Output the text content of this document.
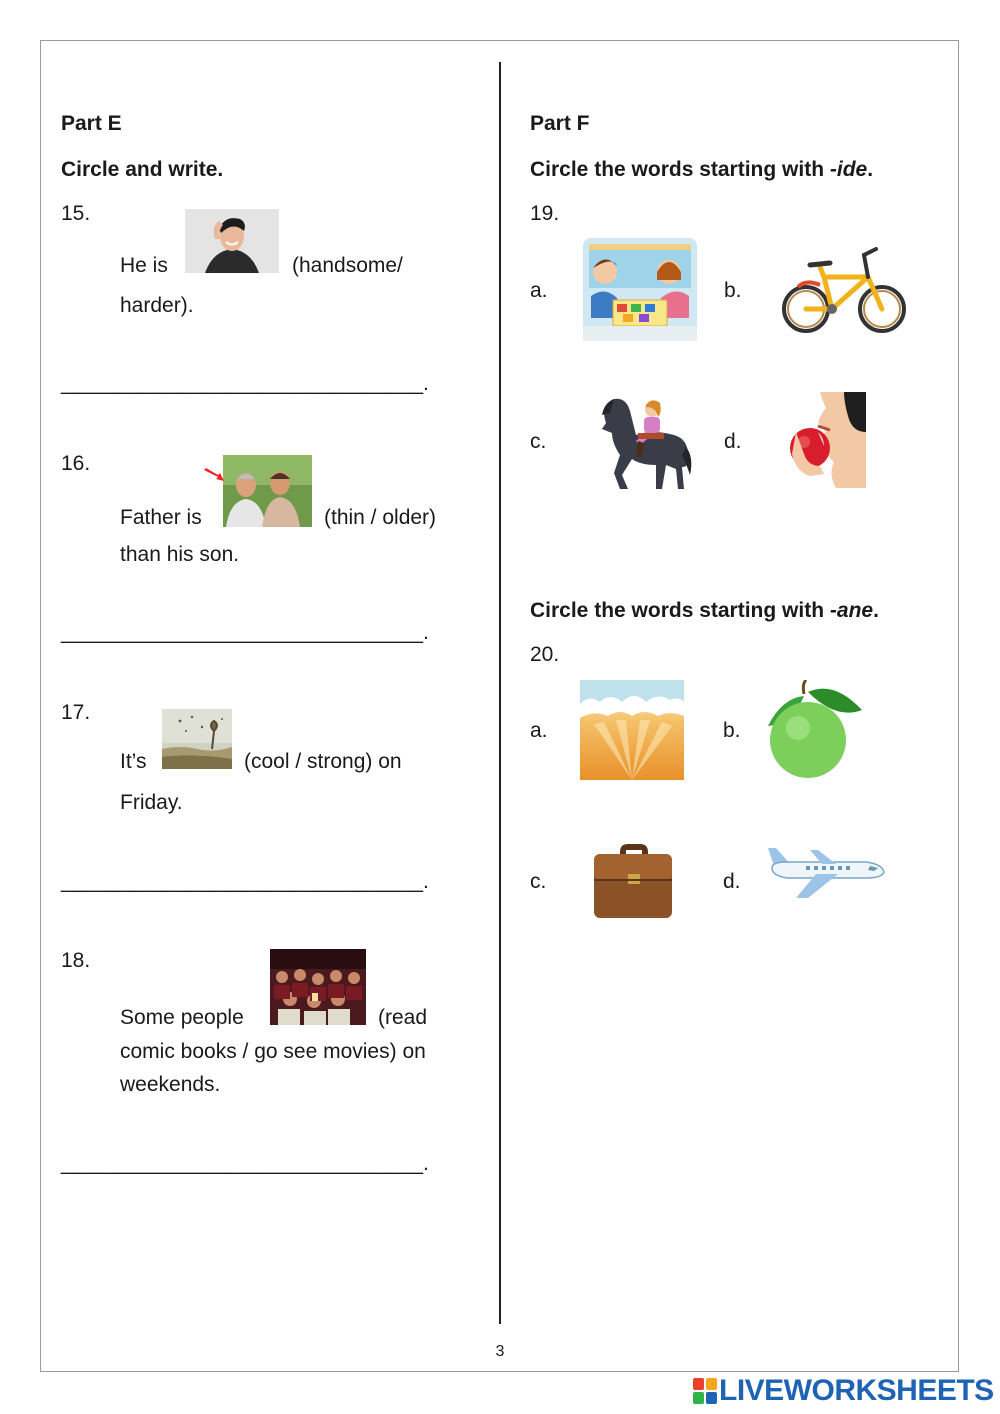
Part E
Circle and write.
15.
He is	(handsome/
harder).
_______________________________.
16.
Father is	(thin / older)
than his son.
_______________________________.
17.
It’s	(cool / strong) on
Friday.
_______________________________.
18.
Some people	(read
comic books / go see movies) on
weekends.
_______________________________.
Part F
Circle the words starting with -ide.
19.
a.	b.
c.	d.
Circle the words starting with -ane.
20.
a.	b.
c.	d.
3
LIVEWORKSHEETS
